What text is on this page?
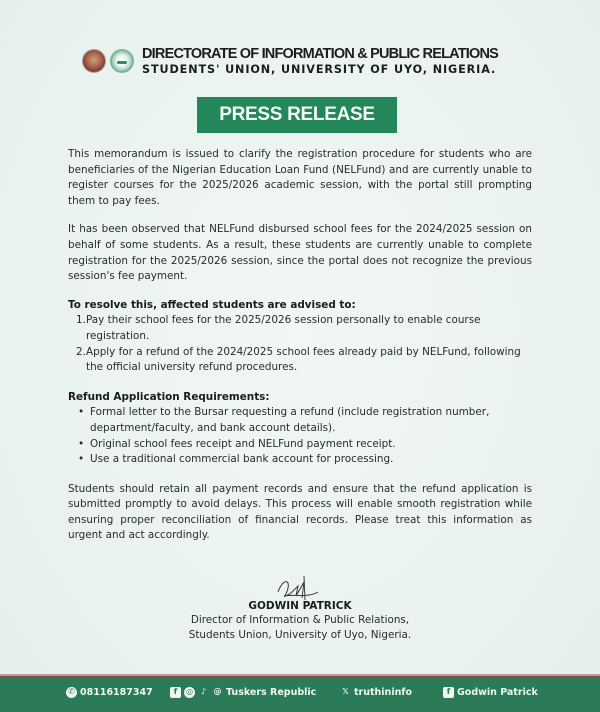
DIRECTORATE OF INFORMATION & PUBLIC RELATIONS
STUDENTS' UNION, UNIVERSITY OF UYO, NIGERIA.
PRESS RELEASE

This memorandum is issued to clarify the registration procedure for students who are beneficiaries of the Nigerian Education Loan Fund (NELFund) and are currently unable to register courses for the 2025/2026 academic session, with the portal still prompting them to pay fees.

It has been observed that NELFund disbursed school fees for the 2024/2025 session on behalf of some students. As a result, these students are currently unable to complete registration for the 2025/2026 session, since the portal does not recognize the previous session's fee payment.

To resolve this, affected students are advised to:
1. Pay their school fees for the 2025/2026 session personally to enable course registration.
2. Apply for a refund of the 2024/2025 school fees already paid by NELFund, following the official university refund procedures.
Refund Application Requirements:
• Formal letter to the Bursar requesting a refund (include registration number, department/faculty, and bank account details).
• Original school fees receipt and NELFund payment receipt.
• Use a traditional commercial bank account for processing.

Students should retain all payment records and ensure that the refund application is submitted promptly to avoid delays. This process will enable smooth registration while ensuring proper reconciliation of financial records. Please treat this information as urgent and act accordingly.

GODWIN PATRICK
Director of Information & Public Relations,
Students Union, University of Uyo, Nigeria.
✆ 08116187347	f	◎ ♪ @ Tuskers Republic	𝕏 truthininfo	f Godwin Patrick
